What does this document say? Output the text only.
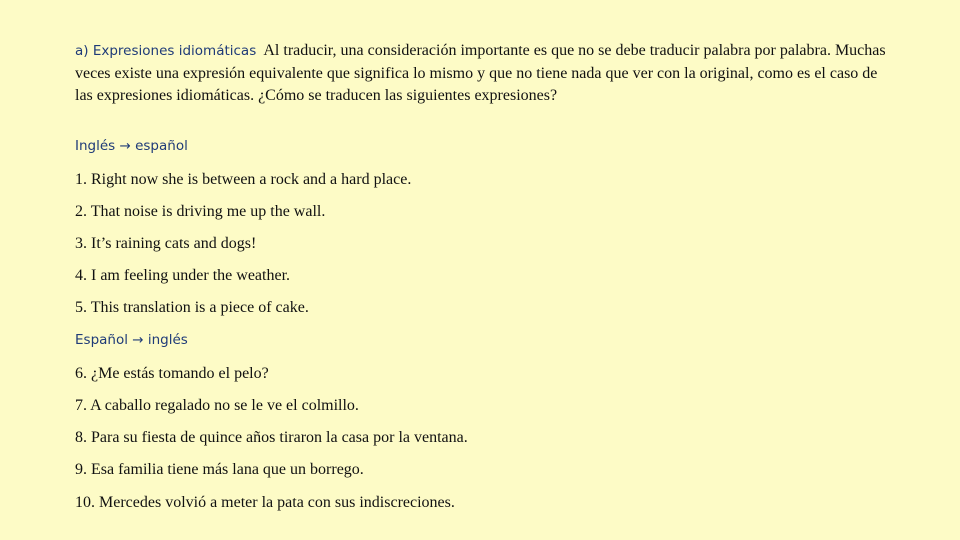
a) Expresiones idiomáticas Al traducir, una consideración importante es que no se debe traducir palabra por palabra. Muchas veces existe una expresión equivalente que significa lo mismo y que no tiene nada que ver con la original, como es el caso de las expresiones idiomáticas. ¿Cómo se traducen las siguientes expresiones?

Inglés → español
1. Right now she is between a rock and a hard place.
2. That noise is driving me up the wall.
3. It’s raining cats and dogs!
4. I am feeling under the weather.
5. This translation is a piece of cake.
Español → inglés
6. ¿Me estás tomando el pelo?
7. A caballo regalado no se le ve el colmillo.
8. Para su fiesta de quince años tiraron la casa por la ventana.
9. Esa familia tiene más lana que un borrego.
10. Mercedes volvió a meter la pata con sus indiscreciones.
